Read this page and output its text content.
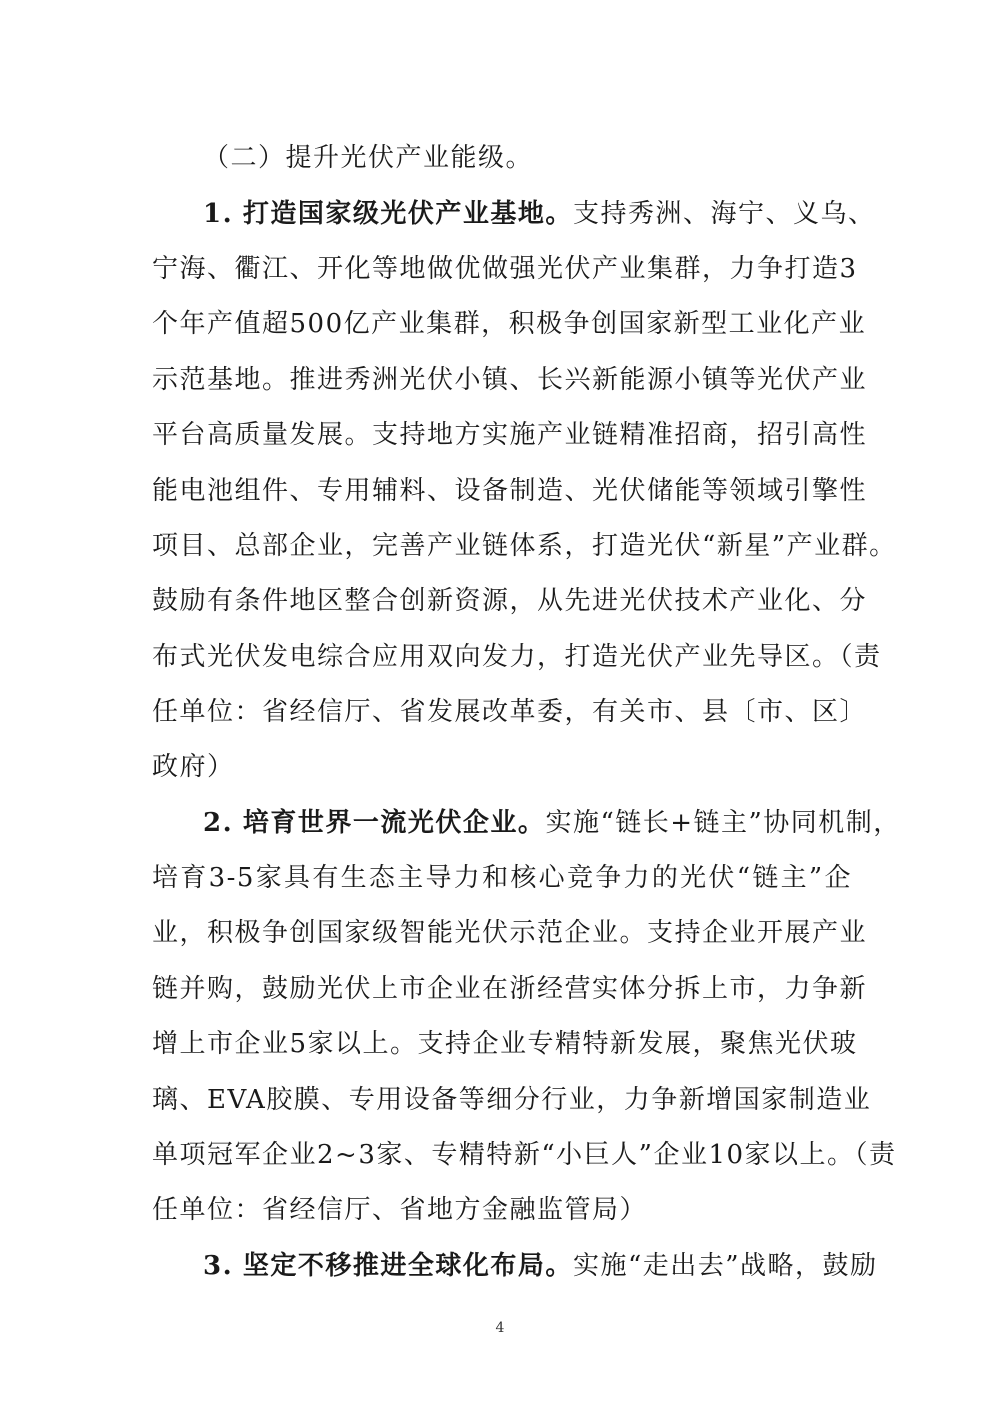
（二）提升光伏产业能级。
1. 打造国家级光伏产业基地。支持秀洲、海宁、义乌、
宁海、衢江、开化等地做优做强光伏产业集群，力争打造3
个年产值超500亿产业集群，积极争创国家新型工业化产业
示范基地。推进秀洲光伏小镇、长兴新能源小镇等光伏产业
平台高质量发展。支持地方实施产业链精准招商，招引高性
能电池组件、专用辅料、设备制造、光伏储能等领域引擎性
项目、总部企业，完善产业链体系，打造光伏“新星”产业群。
鼓励有条件地区整合创新资源，从先进光伏技术产业化、分
布式光伏发电综合应用双向发力，打造光伏产业先导区。（责
任单位：省经信厅、省发展改革委，有关市、县〔市、区〕
政府）
2. 培育世界一流光伏企业。实施“链长+链主”协同机制，
培育3-5家具有生态主导力和核心竞争力的光伏“链主”企
业，积极争创国家级智能光伏示范企业。支持企业开展产业
链并购，鼓励光伏上市企业在浙经营实体分拆上市，力争新
增上市企业5家以上。支持企业专精特新发展，聚焦光伏玻
璃、EVA胶膜、专用设备等细分行业，力争新增国家制造业
单项冠军企业2~3家、专精特新“小巨人”企业10家以上。（责
任单位：省经信厅、省地方金融监管局）
3. 坚定不移推进全球化布局。实施“走出去”战略，鼓励
4
